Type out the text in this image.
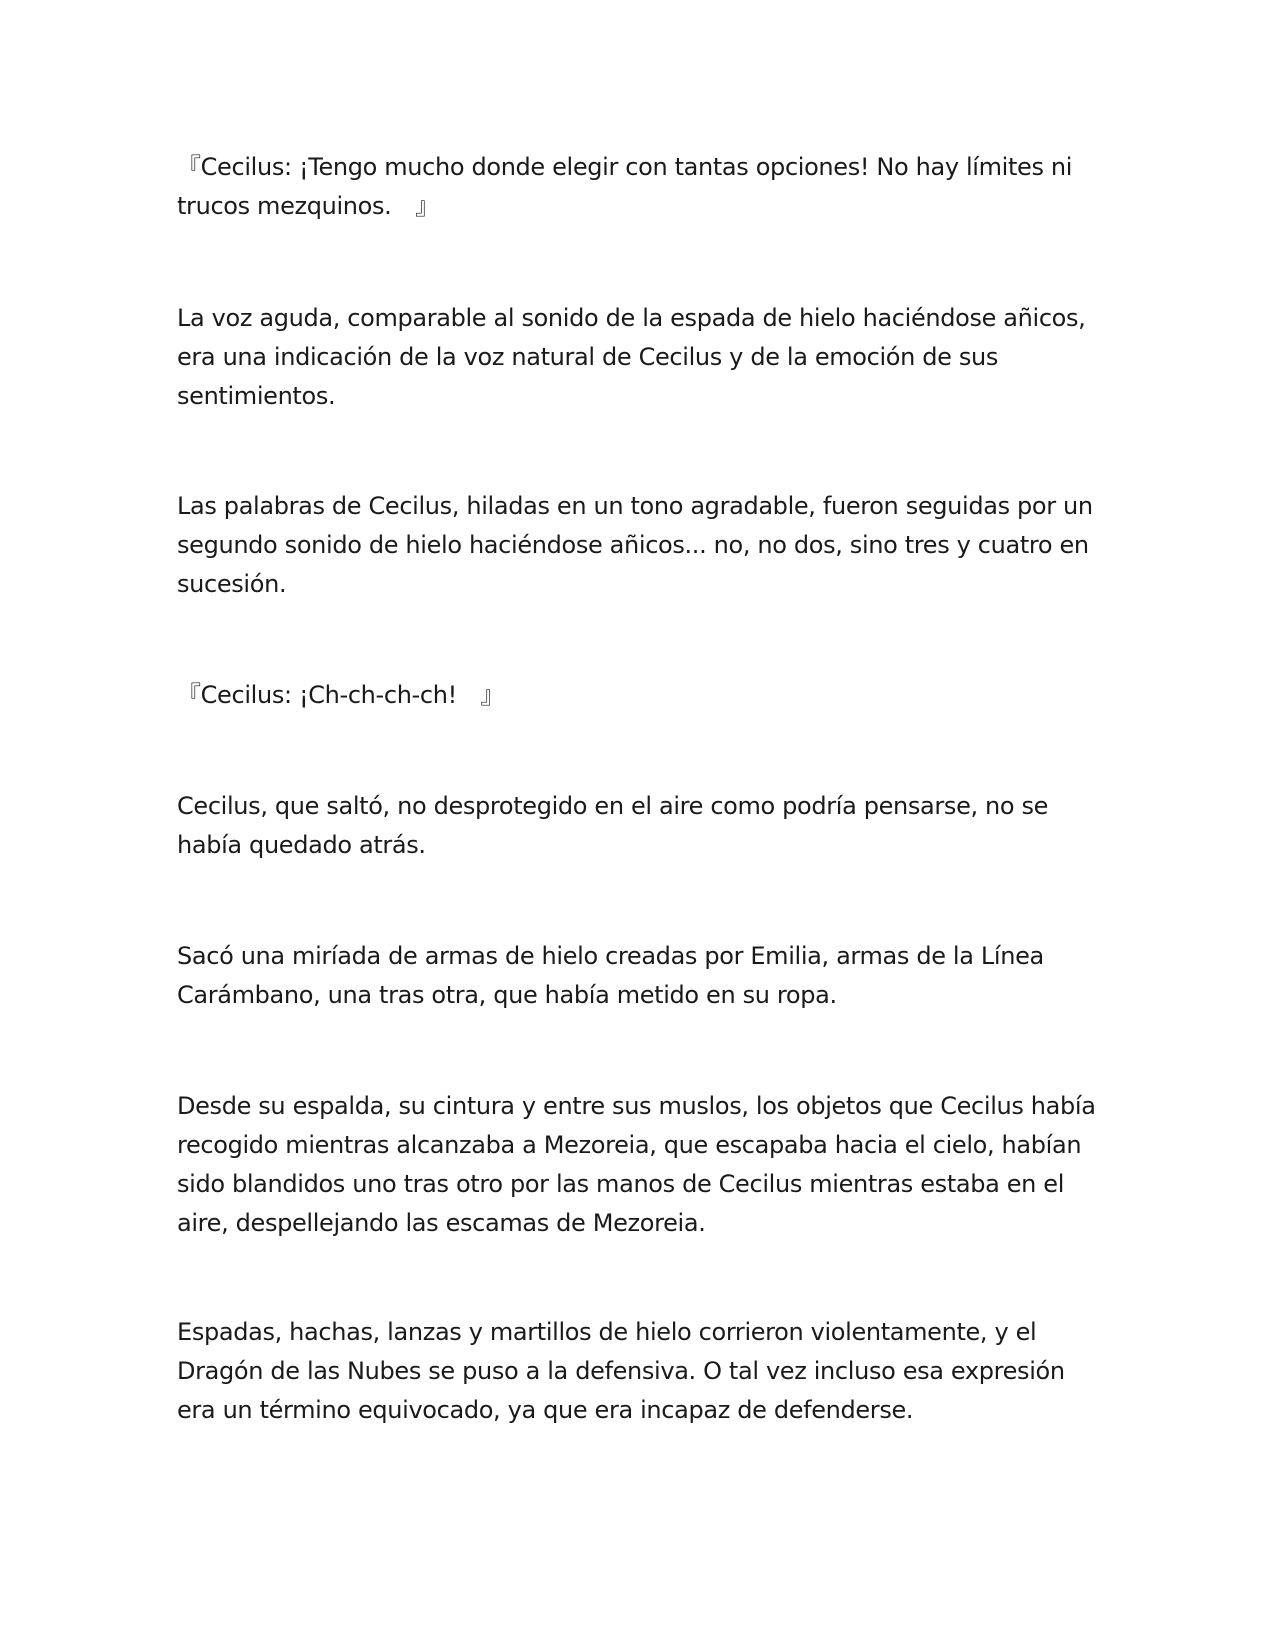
『Cecilus: ¡Tengo mucho donde elegir con tantas opciones! No hay límites ni trucos mezquinos.　』

La voz aguda, comparable al sonido de la espada de hielo haciéndose añicos, era una indicación de la voz natural de Cecilus y de la emoción de sus sentimientos.

Las palabras de Cecilus, hiladas en un tono agradable, fueron seguidas por un segundo sonido de hielo haciéndose añicos... no, no dos, sino tres y cuatro en sucesión.

『Cecilus: ¡Ch-ch-ch-ch!　』

Cecilus, que saltó, no desprotegido en el aire como podría pensarse, no se había quedado atrás.

Sacó una miríada de armas de hielo creadas por Emilia, armas de la Línea Carámbano, una tras otra, que había metido en su ropa.

Desde su espalda, su cintura y entre sus muslos, los objetos que Cecilus había recogido mientras alcanzaba a Mezoreia, que escapaba hacia el cielo, habían sido blandidos uno tras otro por las manos de Cecilus mientras estaba en el aire, despellejando las escamas de Mezoreia.

Espadas, hachas, lanzas y martillos de hielo corrieron violentamente, y el Dragón de las Nubes se puso a la defensiva. O tal vez incluso esa expresión era un término equivocado, ya que era incapaz de defenderse.
